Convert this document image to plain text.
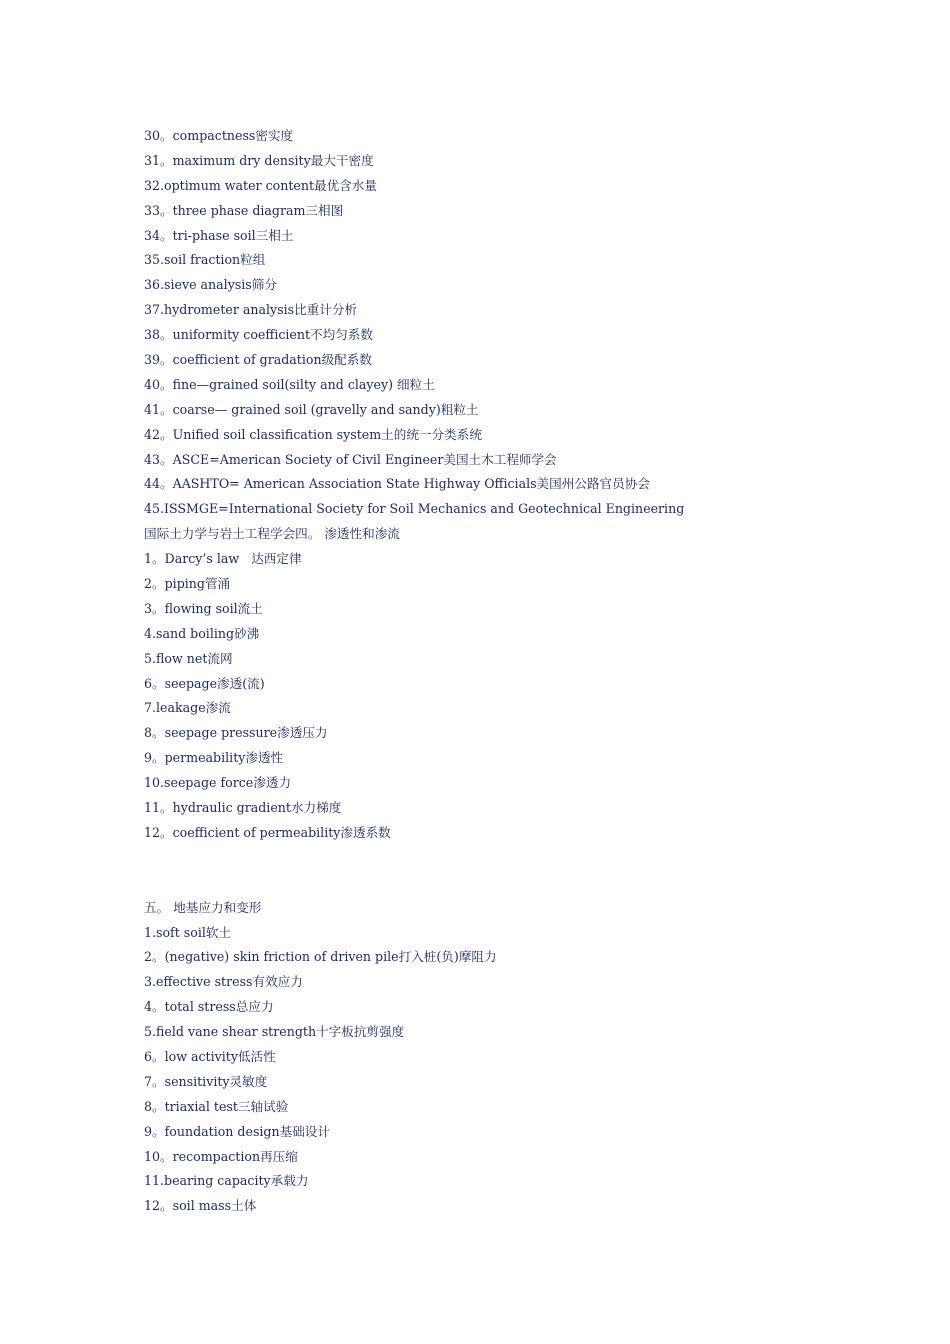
30。compactness密实度
31。maximum dry density最大干密度
32.optimum water content最优含水量
33。three phase diagram三相图
34。tri-phase soil三相土
35.soil fraction粒组
36.sieve analysis筛分
37.hydrometer analysis比重计分析
38。uniformity coefficient不均匀系数
39。coefficient of gradation级配系数
40。fine—grained soil(silty and clayey) 细粒土
41。coarse— grained soil (gravelly and sandy)粗粒土
42。Unified soil classification system土的统一分类系统
43。ASCE=American Society of Civil Engineer美国土木工程师学会
44。AASHTO= American Association State Highway Officials美国州公路官员协会
45.ISSMGE=International Society for Soil Mechanics and Geotechnical Engineering
国际土力学与岩土工程学会四。 渗透性和渗流
1。Darcy’s law   达西定律
2。piping管涌
3。flowing soil流土
4.sand boiling砂沸
5.flow net流网
6。seepage渗透(流)
7.leakage渗流
8。seepage pressure渗透压力
9。permeability渗透性
10.seepage force渗透力
11。hydraulic gradient水力梯度
12。coefficient of permeability渗透系数
五。 地基应力和变形
1.soft soil软土
2。(negative) skin friction of driven pile打入桩(负)摩阻力
3.effective stress有效应力
4。total stress总应力
5.field vane shear strength十字板抗剪强度
6。low activity低活性
7。sensitivity灵敏度
8。triaxial test三轴试验
9。foundation design基础设计
10。recompaction再压缩
11.bearing capacity承载力
12。soil mass土体
